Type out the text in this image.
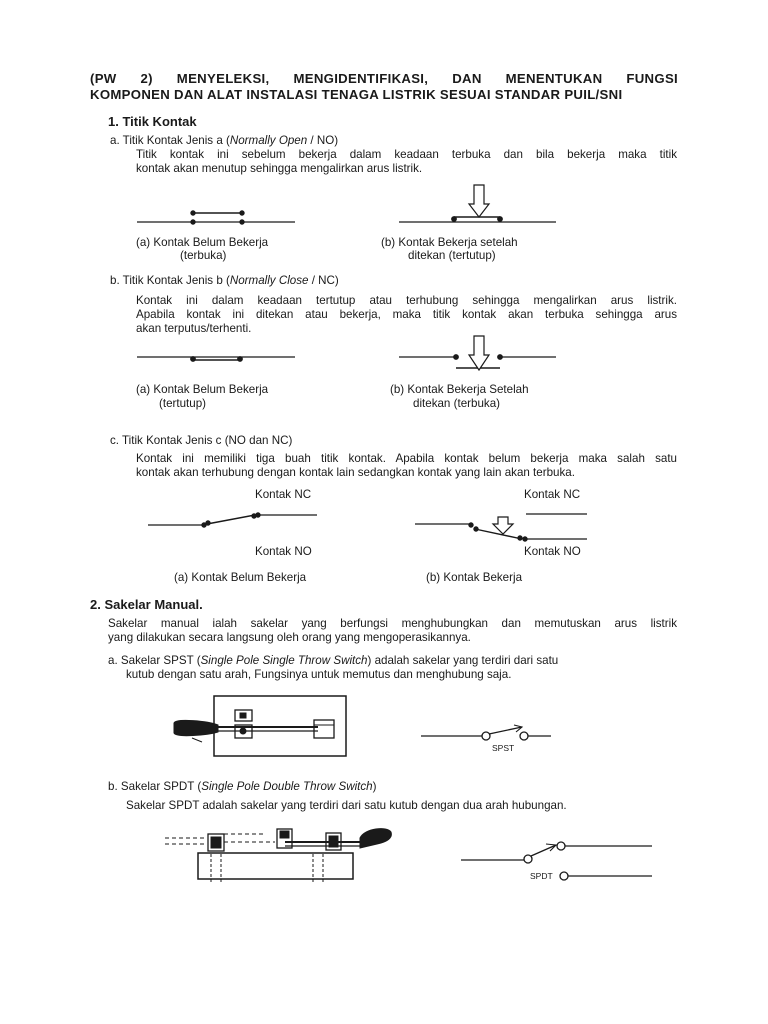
(PW 2) MENYELEKSI, MENGIDENTIFIKASI, DAN MENENTUKAN FUNGSI
KOMPONEN DAN ALAT INSTALASI TENAGA LISTRIK SESUAI STANDAR PUIL/SNI
1. Titik Kontak
a. Titik Kontak Jenis a (Normally Open / NO)
Titik kontak ini sebelum bekerja dalam keadaan terbuka dan bila bekerja maka titik
kontak akan menutup sehingga mengalirkan arus listrik.
(a) Kontak Belum Bekerja
(terbuka)
(b) Kontak Bekerja setelah
ditekan (tertutup)
b. Titik Kontak Jenis b (Normally Close / NC)
Kontak ini dalam keadaan tertutup atau terhubung sehingga mengalirkan arus listrik.
Apabila kontak ini ditekan atau bekerja, maka titik kontak akan terbuka sehingga arus
akan terputus/terhenti.
(a) Kontak Belum Bekerja
(tertutup)
(b) Kontak Bekerja Setelah
ditekan (terbuka)
c. Titik Kontak Jenis c (NO dan NC)
Kontak ini memiliki tiga buah titik kontak. Apabila kontak belum bekerja maka salah satu
kontak akan terhubung dengan kontak lain sedangkan kontak yang lain akan terbuka.
Kontak NC	Kontak NC
Kontak NO	Kontak NO
(a) Kontak Belum Bekerja	(b) Kontak Bekerja
2. Sakelar Manual.
Sakelar manual ialah sakelar yang berfungsi menghubungkan dan memutuskan arus listrik
yang dilakukan secara langsung oleh orang yang mengoperasikannya.
a. Sakelar SPST (Single Pole Single Throw Switch) adalah sakelar yang terdiri dari satu
kutub dengan satu arah, Fungsinya untuk memutus dan menghubung saja.
SPST
b. Sakelar SPDT (Single Pole Double Throw Switch)
Sakelar SPDT adalah sakelar yang terdiri dari satu kutub dengan dua arah hubungan.
SPDT
